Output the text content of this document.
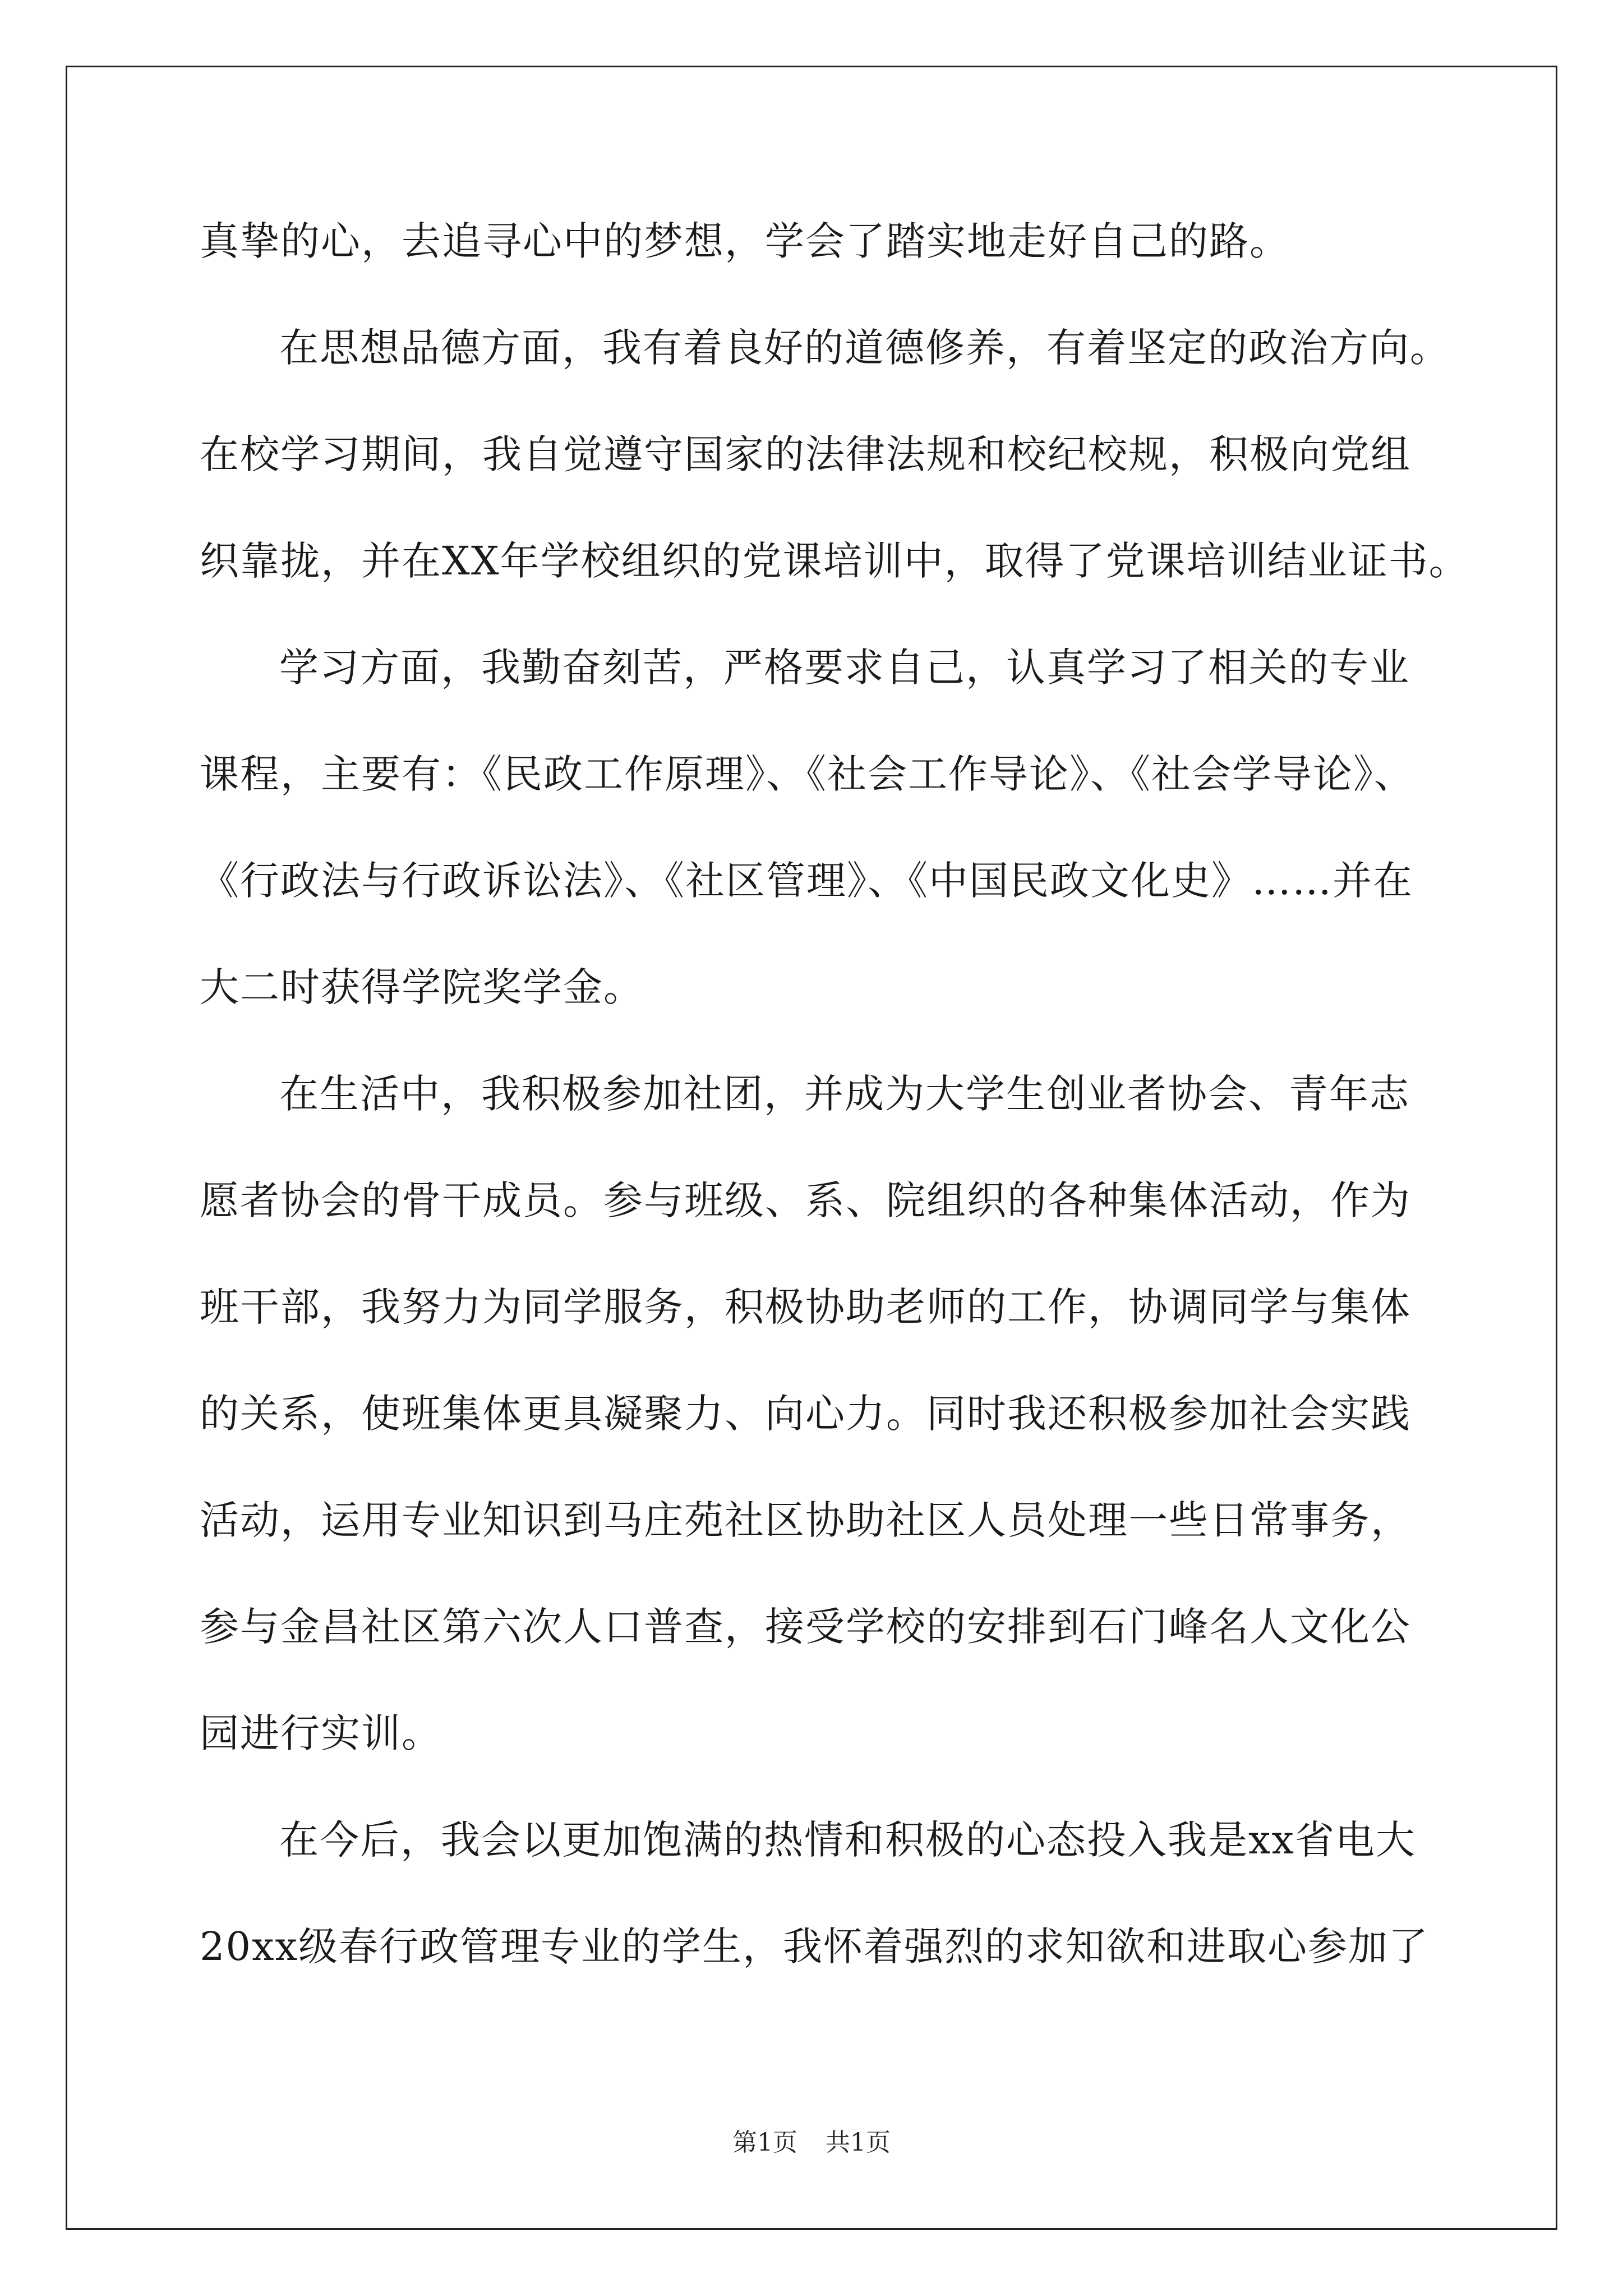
真挚的心，去追寻心中的梦想，学会了踏实地走好自己的路。
在思想品德方面，我有着良好的道德修养，有着坚定的政治方向。
在校学习期间，我自觉遵守国家的法律法规和校纪校规，积极向党组
织靠拢，并在XX年学校组织的党课培训中，取得了党课培训结业证书。
学习方面，我勤奋刻苦，严格要求自己，认真学习了相关的专业
课程，主要有：《民政工作原理》、《社会工作导论》、《社会学导论》、
《行政法与行政诉讼法》、《社区管理》、《中国民政文化史》……并在
大二时获得学院奖学金。
在生活中，我积极参加社团，并成为大学生创业者协会、青年志
愿者协会的骨干成员。参与班级、系、院组织的各种集体活动，作为
班干部，我努力为同学服务，积极协助老师的工作，协调同学与集体
的关系，使班集体更具凝聚力、向心力。同时我还积极参加社会实践
活动，运用专业知识到马庄苑社区协助社区人员处理一些日常事务，
参与金昌社区第六次人口普查，接受学校的安排到石门峰名人文化公
园进行实训。
在今后，我会以更加饱满的热情和积极的心态投入我是xx省电大
20xx级春行政管理专业的学生，我怀着强烈的求知欲和进取心参加了
第1页 共1页
